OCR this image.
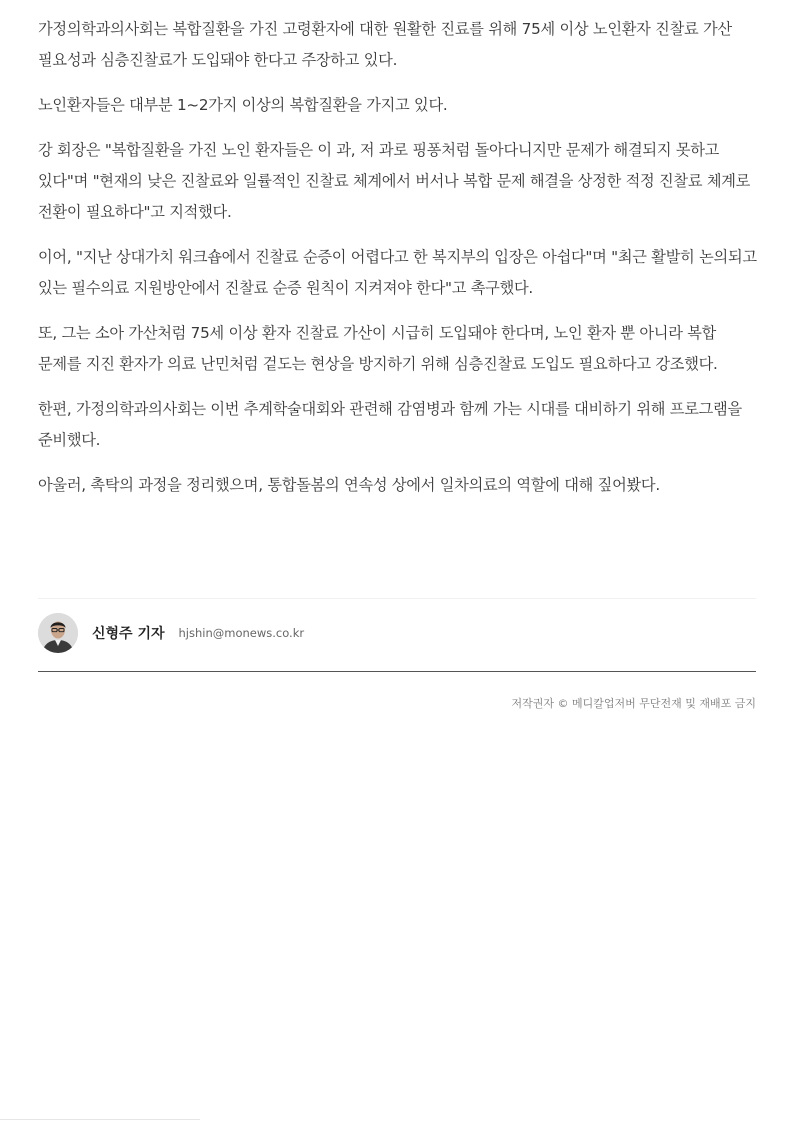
가정의학과의사회는 복합질환을 가진 고령환자에 대한 원활한 진료를 위해 75세 이상 노인환자 진찰료 가산 필요성과 심층진찰료가 도입돼야 한다고 주장하고 있다.

노인환자들은 대부분 1~2가지 이상의 복합질환을 가지고 있다.

강 회장은 "복합질환을 가진 노인 환자들은 이 과, 저 과로 핑퐁처럼 돌아다니지만 문제가 해결되지 못하고 있다"며 "현재의 낮은 진찰료와 일률적인 진찰료 체계에서 버서나 복합 문제 해결을 상정한 적정 진찰료 체계로 전환이 필요하다"고 지적했다.

이어, "지난 상대가치 워크숍에서 진찰료 순증이 어렵다고 한 복지부의 입장은 아쉽다"며 "최근 활발히 논의되고 있는 필수의료 지원방안에서 진찰료 순증 원칙이 지켜져야 한다"고 촉구했다.

또, 그는 소아 가산처럼 75세 이상 환자 진찰료 가산이 시급히 도입돼야 한다며, 노인 환자 뿐 아니라 복합 문제를 지진 환자가 의료 난민처럼 겉도는 현상을 방지하기 위해 심층진찰료 도입도 필요하다고 강조했다.

한편, 가정의학과의사회는 이번 추계학술대회와 관련해 감염병과 함께 가는 시대를 대비하기 위해 프로그램을 준비했다.

아울러, 촉탁의 과정을 정리했으며, 통합돌봄의 연속성 상에서 일차의료의 역할에 대해 짚어봤다.

신형주 기자 hjshin@monews.co.kr
저작권자 © 메디칼업저버 무단전재 및 재배포 금지
